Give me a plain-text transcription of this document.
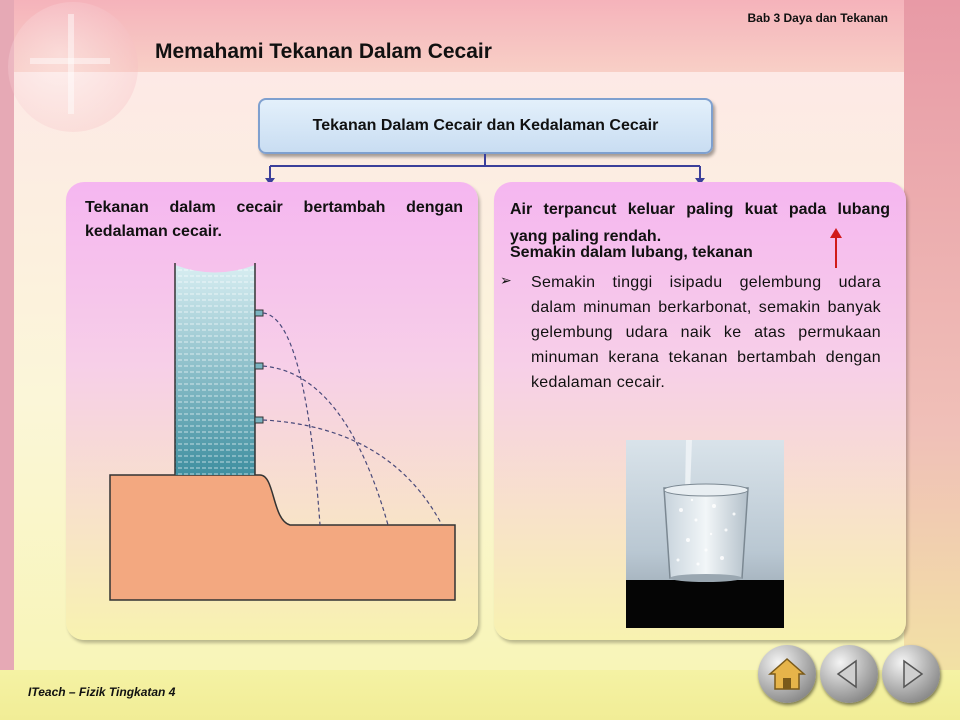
Bab 3 Daya dan Tekanan
Memahami Tekanan Dalam Cecair
Tekanan Dalam Cecair dan Kedalaman Cecair
Tekanan dalam cecair bertambah dengan kedalaman cecair.
Air terpancut keluar paling kuat pada lubang yang paling rendah.
Semakin dalam lubang, tekanan
➢ Semakin tinggi isipadu gelembung udara dalam minuman berkarbonat, semakin banyak gelembung udara naik ke atas permukaan minuman kerana tekanan bertambah dengan kedalaman cecair.
ITeach – Fizik Tingkatan 4
